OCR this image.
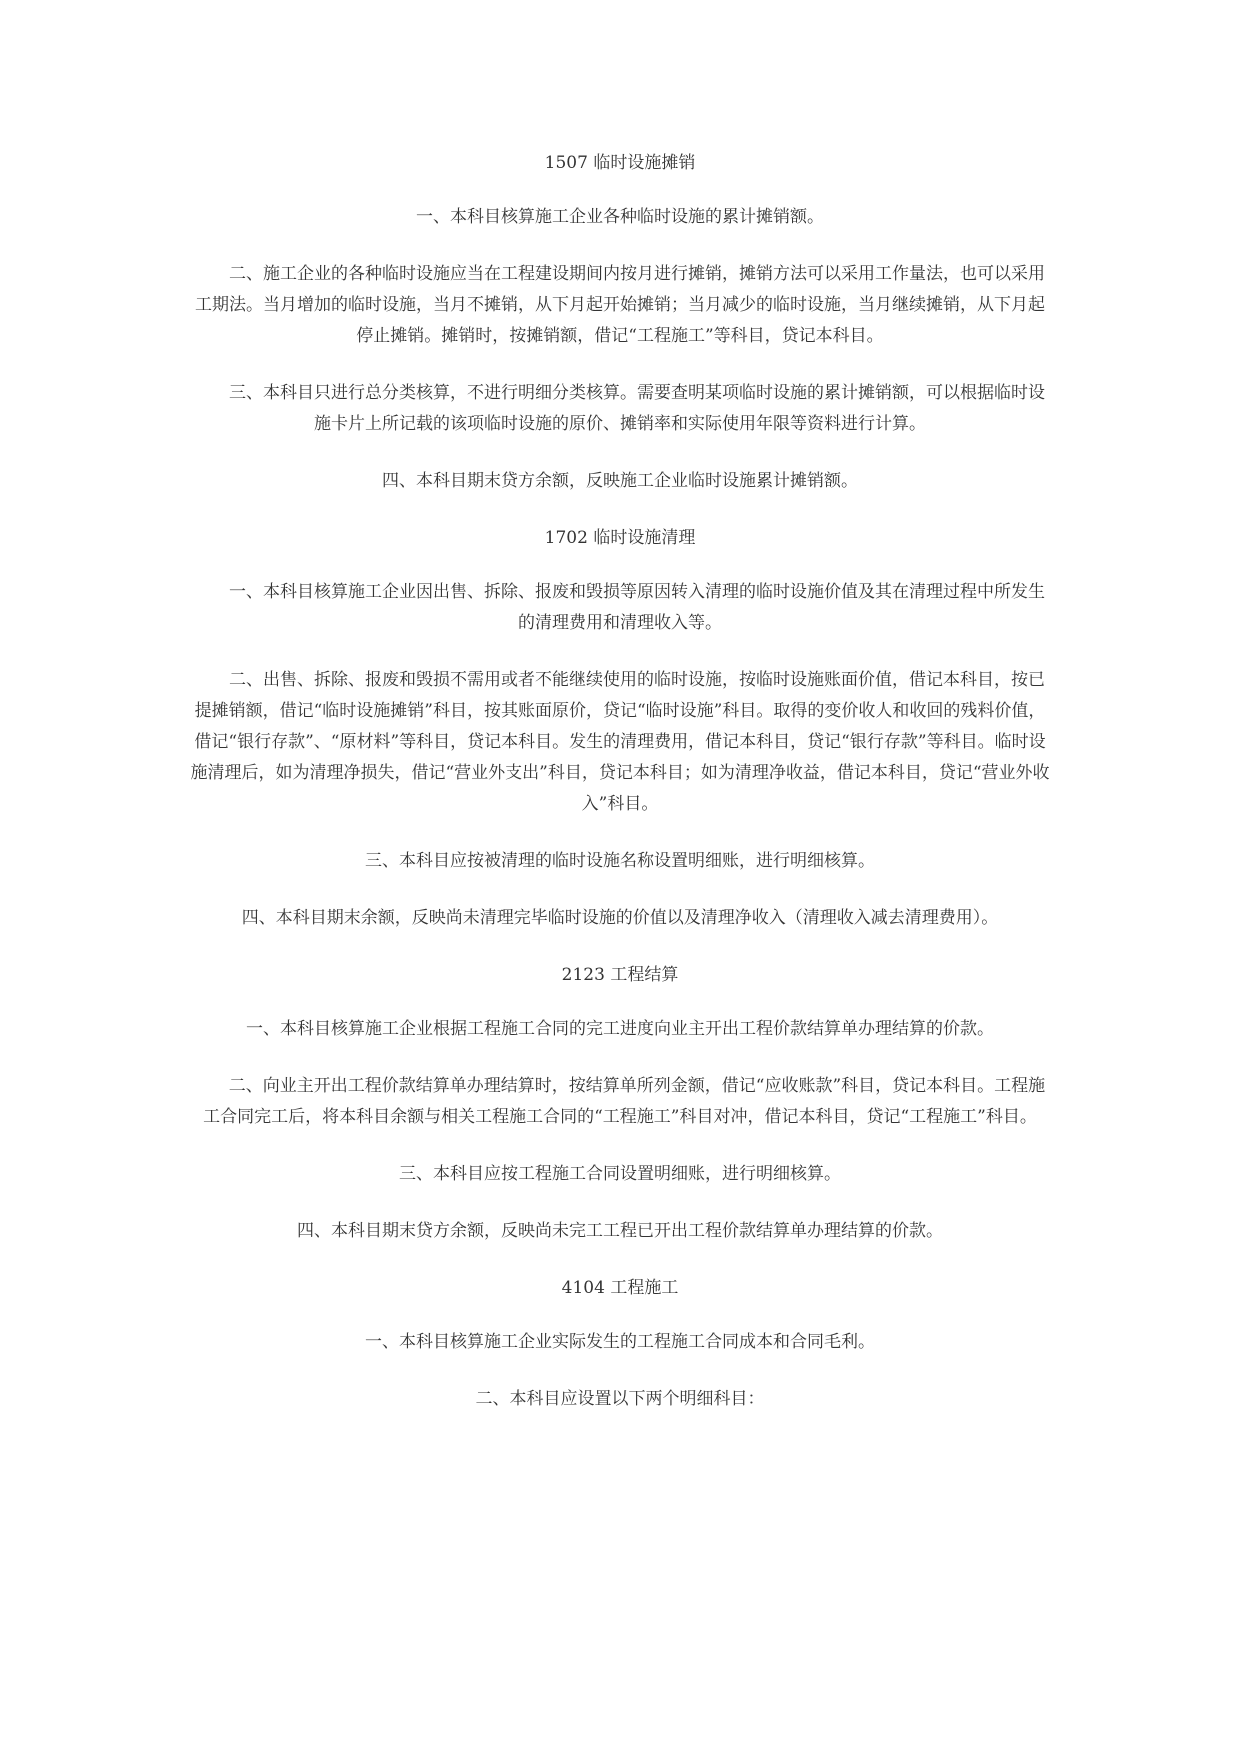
1507 临时设施摊销

一、本科目核算施工企业各种临时设施的累计摊销额。

二、施工企业的各种临时设施应当在工程建设期间内按月进行摊销，摊销方法可以采用工作量法，也可以采用工期法。当月增加的临时设施，当月不摊销，从下月起开始摊销；当月减少的临时设施，当月继续摊销，从下月起停止摊销。摊销时，按摊销额，借记“工程施工”等科目，贷记本科目。

三、本科目只进行总分类核算，不进行明细分类核算。需要查明某项临时设施的累计摊销额，可以根据临时设施卡片上所记载的该项临时设施的原价、摊销率和实际使用年限等资料进行计算。

四、本科目期末贷方余额，反映施工企业临时设施累计摊销额。

1702 临时设施清理

一、本科目核算施工企业因出售、拆除、报废和毁损等原因转入清理的临时设施价值及其在清理过程中所发生的清理费用和清理收入等。

二、出售、拆除、报废和毁损不需用或者不能继续使用的临时设施，按临时设施账面价值，借记本科目，按已提摊销额，借记“临时设施摊销”科目，按其账面原价，贷记“临时设施”科目。取得的变价收人和收回的残料价值，借记“银行存款”、“原材料”等科目，贷记本科目。发生的清理费用，借记本科目，贷记“银行存款”等科目。临时设施清理后，如为清理净损失，借记“营业外支出”科目，贷记本科目；如为清理净收益，借记本科目，贷记“营业外收入”科目。

三、本科目应按被清理的临时设施名称设置明细账，进行明细核算。

四、本科目期末余额，反映尚未清理完毕临时设施的价值以及清理净收入（清理收入减去清理费用）。

2123 工程结算

一、本科目核算施工企业根据工程施工合同的完工进度向业主开出工程价款结算单办理结算的价款。

二、向业主开出工程价款结算单办理结算时，按结算单所列金额，借记“应收账款”科目，贷记本科目。工程施工合同完工后，将本科目余额与相关工程施工合同的“工程施工”科目对冲，借记本科目，贷记“工程施工”科目。

三、本科目应按工程施工合同设置明细账，进行明细核算。

四、本科目期末贷方余额，反映尚未完工工程已开出工程价款结算单办理结算的价款。

4104 工程施工

一、本科目核算施工企业实际发生的工程施工合同成本和合同毛利。

二、本科目应设置以下两个明细科目：
